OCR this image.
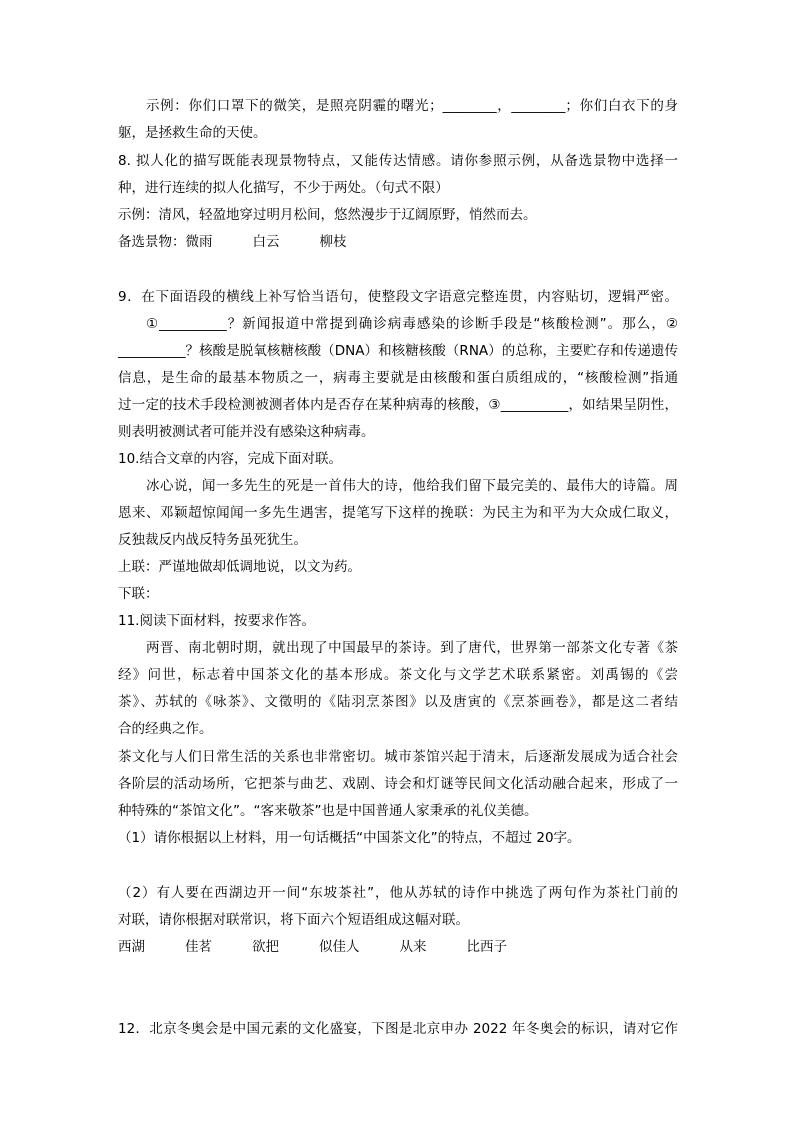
示例：你们口罩下的微笑，是照亮阴霾的曙光；________，________；你们白衣下的身
躯，是拯救生命的天使。
8. 拟人化的描写既能表现景物特点，又能传达情感。请你参照示例，从备选景物中选择一
种，进行连续的拟人化描写，不少于两处。（句式不限）
示例：清风，轻盈地穿过明月松间，悠然漫步于辽阔原野，悄然而去。
备选景物：微雨	白云	柳枝
9．在下面语段的横线上补写恰当语句，使整段文字语意完整连贯，内容贴切，逻辑严密。
①__________？新闻报道中常提到确诊病毒感染的诊断手段是“核酸检测”。那么，②
__________？核酸是脱氧核糖核酸（DNA）和核糖核酸（RNA）的总称，主要贮存和传递遗传
信息，是生命的最基本物质之一，病毒主要就是由核酸和蛋白质组成的，“核酸检测”指通
过一定的技术手段检测被测者体内是否存在某种病毒的核酸，③__________，如结果呈阴性，
则表明被测试者可能并没有感染这种病毒。
10.结合文章的内容，完成下面对联。
冰心说，闻一多先生的死是一首伟大的诗，他给我们留下最完美的、最伟大的诗篇。周
恩来、邓颖超惊闻闻一多先生遇害，提笔写下这样的挽联：为民主为和平为大众成仁取义，
反独裁反内战反特务虽死犹生。
上联：严谨地做却低调地说，以文为药。
下联：
11.阅读下面材料，按要求作答。
两晋、南北朝时期，就出现了中国最早的茶诗。到了唐代，世界第一部茶文化专著《茶
经》问世，标志着中国茶文化的基本形成。茶文化与文学艺术联系紧密。刘禹锡的《尝
茶》、苏轼的《咏茶》、文徵明的《陆羽烹茶图》以及唐寅的《烹茶画卷》，都是这二者结
合的经典之作。
茶文化与人们日常生活的关系也非常密切。城市茶馆兴起于清末，后逐渐发展成为适合社会
各阶层的活动场所，它把茶与曲艺、戏剧、诗会和灯谜等民间文化活动融合起来，形成了一
种特殊的“茶馆文化”。“客来敬茶”也是中国普通人家秉承的礼仪美德。
（1）请你根据以上材料，用一句话概括“中国茶文化”的特点，不超过 20字。
（2）有人要在西湖边开一间“东坡茶社”，他从苏轼的诗作中挑选了两句作为茶社门前的
对联，请你根据对联常识，将下面六个短语组成这幅对联。
西湖	佳茗	欲把	似佳人	从来	比西子
12．北京冬奥会是中国元素的文化盛宴，下图是北京申办 2022 年冬奥会的标识，请对它作
